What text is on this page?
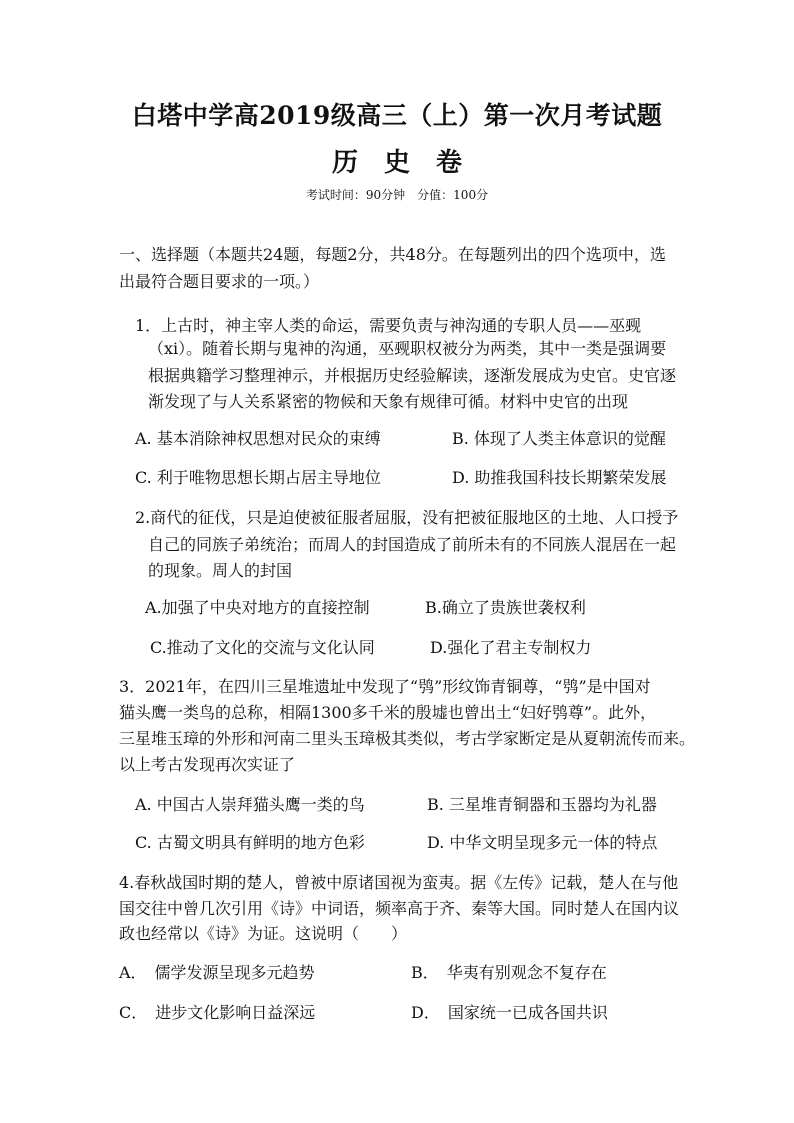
白塔中学高2019级高三（上）第一次月考试题
历　史　卷
考试时间：90分钟　分值：100分
一、选择题（本题共24题，每题2分，共48分。在每题列出的四个选项中，选
出最符合题目要求的一项。）
1．上古时，神主宰人类的命运，需要负责与神沟通的专职人员——巫觋
（xi）。随着长期与鬼神的沟通，巫觋职权被分为两类，其中一类是强调要
根据典籍学习整理神示，并根据历史经验解读，逐渐发展成为史官。史官逐
渐发现了与人关系紧密的物候和天象有规律可循。材料中史官的出现
A. 基本消除神权思想对民众的束缚	B. 体现了人类主体意识的觉醒
C. 利于唯物思想长期占居主导地位	D. 助推我国科技长期繁荣发展
2.商代的征伐，只是迫使被征服者屈服，没有把被征服地区的土地、人口授予
自己的同族子弟统治；而周人的封国造成了前所未有的不同族人混居在一起
的现象。周人的封国
A.加强了中央对地方的直接控制	B.确立了贵族世袭权利
C.推动了文化的交流与文化认同	D.强化了君主专制权力
3．2021年，在四川三星堆遗址中发现了“鸮”形纹饰青铜尊，“鸮”是中国对
猫头鹰一类鸟的总称，相隔1300多千米的殷墟也曾出土“妇好鸮尊”。此外，
三星堆玉璋的外形和河南二里头玉璋极其类似，考古学家断定是从夏朝流传而来。
以上考古发现再次实证了
A. 中国古人崇拜猫头鹰一类的鸟	B. 三星堆青铜器和玉器均为礼器
C. 古蜀文明具有鲜明的地方色彩	D. 中华文明呈现多元一体的特点
4.春秋战国时期的楚人，曾被中原诸国视为蛮夷。据《左传》记载，楚人在与他
国交往中曾几次引用《诗》中词语，频率高于齐、秦等大国。同时楚人在国内议
政也经常以《诗》为证。这说明（　　）
A．　儒学发源呈现多元趋势	B．　华夷有别观念不复存在
C．　进步文化影响日益深远	D．　国家统一已成各国共识
